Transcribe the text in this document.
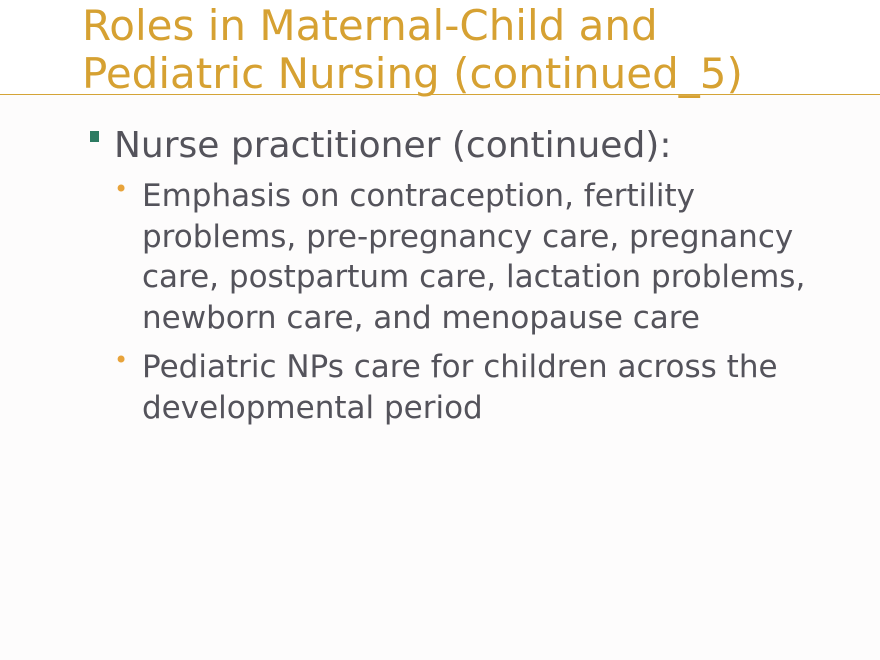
Roles in Maternal-Child and
Pediatric Nursing (continued_5)
Nurse practitioner (continued):
• Emphasis on contraception, fertility problems, pre-pregnancy care, pregnancy care, postpartum care, lactation problems, newborn care, and menopause care
• Pediatric NPs care for children across the developmental period
